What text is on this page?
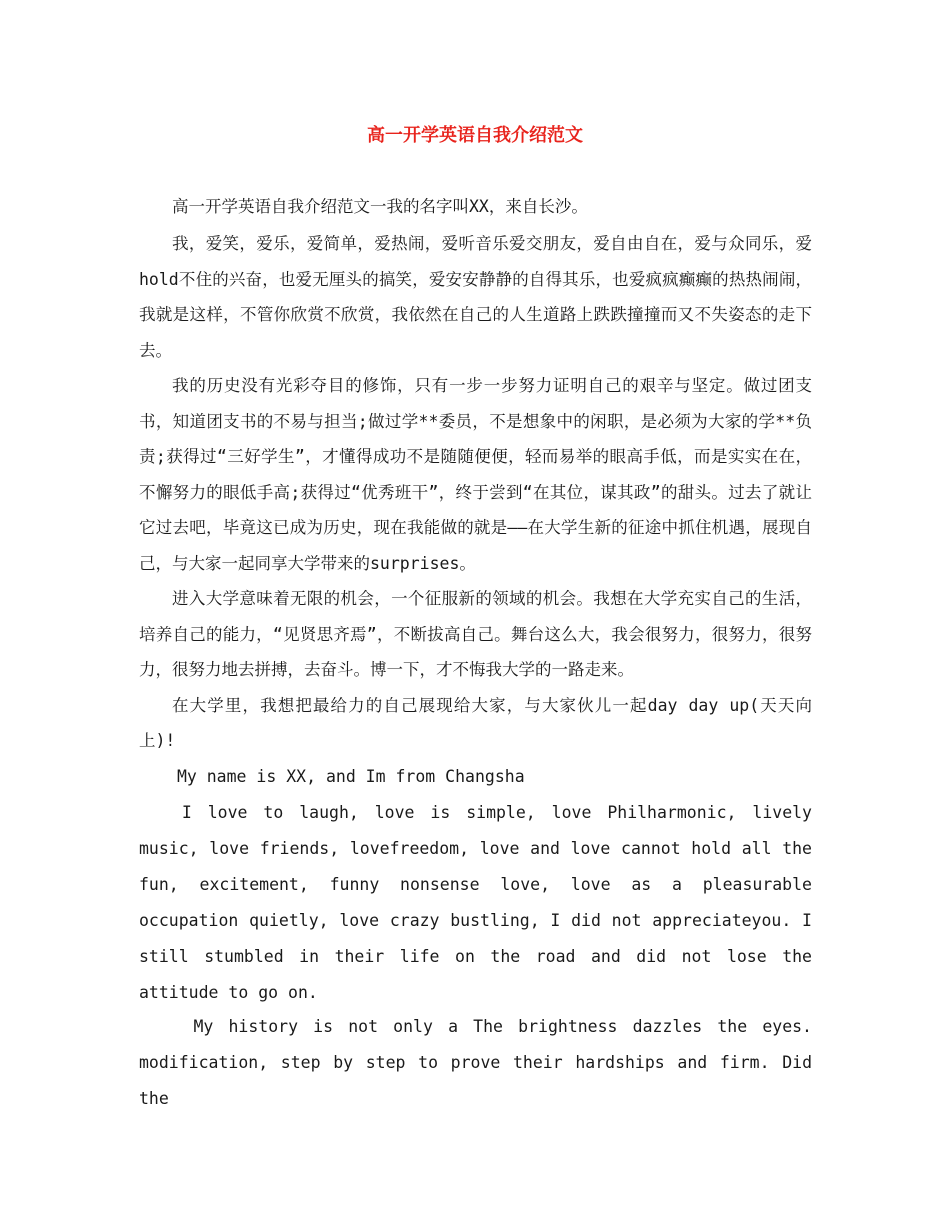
高一开学英语自我介绍范文

高一开学英语自我介绍范文一我的名字叫XX，来自长沙。

我，爱笑，爱乐，爱简单，爱热闹，爱听音乐爱交朋友，爱自由自在，爱与众同乐，爱hold不住的兴奋，也爱无厘头的搞笑，爱安安静静的自得其乐，也爱疯疯癫癫的热热闹闹，我就是这样，不管你欣赏不欣赏，我依然在自己的人生道路上跌跌撞撞而又不失姿态的走下去。

我的历史没有光彩夺目的修饰，只有一步一步努力证明自己的艰辛与坚定。做过团支书，知道团支书的不易与担当;做过学**委员，不是想象中的闲职，是必须为大家的学**负责;获得过“三好学生”，才懂得成功不是随随便便，轻而易举的眼高手低，而是实实在在，不懈努力的眼低手高;获得过“优秀班干”，终于尝到“在其位，谋其政”的甜头。过去了就让它过去吧，毕竟这已成为历史，现在我能做的就是——在大学生新的征途中抓住机遇，展现自己，与大家一起同享大学带来的surprises。

进入大学意味着无限的机会，一个征服新的领域的机会。我想在大学充实自己的生活，培养自己的能力，“见贤思齐焉”，不断拔高自己。舞台这么大，我会很努力，很努力，很努力，很努力地去拼搏，去奋斗。博一下，才不悔我大学的一路走来。

在大学里，我想把最给力的自己展现给大家，与大家伙儿一起day day up(天天向上)!

My name is XX, and Im from Changsha

I love to laugh, love is simple, love Philharmonic, lively music, love friends, lovefreedom, love and love cannot hold all the fun, excitement, funny nonsense love, love as a pleasurable occupation quietly, love crazy bustling, I did not appreciateyou. I still stumbled in their life on the road and did not lose the attitude to go on.

My history is not only a The brightness dazzles the eyes. modification, step by step to prove their hardships and firm. Did the
